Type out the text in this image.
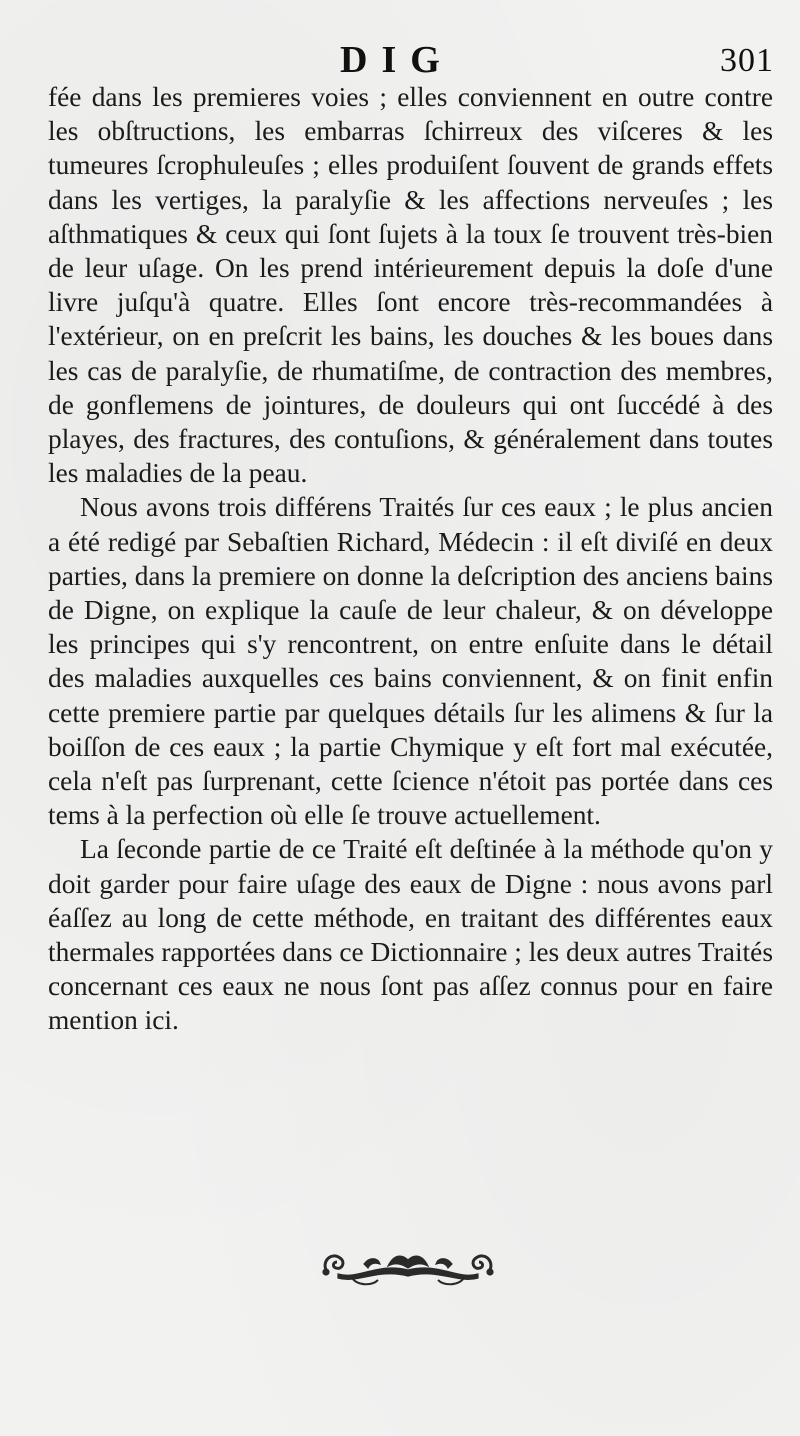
DIG	301

fée dans les premieres voies ; elles conviennent en outre contre les obſtructions, les embarras ſchirreux des viſceres & les tumeures ſcrophuleuſes ; elles produiſent ſouvent de grands effets dans les vertiges, la paralyſie & les affections nerveuſes ; les aſthmatiques & ceux qui ſont ſujets à la toux ſe trouvent très-bien de leur uſage. On les prend intérieurement depuis la doſe d'une livre juſqu'à quatre. Elles ſont encore très-recommandées à l'extérieur, on en preſcrit les bains, les douches & les boues dans les cas de paralyſie, de rhumatiſme, de contraction des membres, de gonflemens de jointures, de douleurs qui ont ſuccédé à des playes, des fractures, des contuſions, & généralement dans toutes les maladies de la peau.

Nous avons trois différens Traités ſur ces eaux ; le plus ancien a été redigé par Sebaſtien Richard, Médecin : il eſt diviſé en deux parties, dans la premiere on donne la deſcription des anciens bains de Digne, on explique la cauſe de leur chaleur, & on développe les principes qui s'y rencontrent, on entre enſuite dans le détail des maladies auxquelles ces bains conviennent, & on finit enfin cette premiere partie par quelques détails ſur les alimens & ſur la boiſſon de ces eaux ; la partie Chymique y eſt fort mal exécutée, cela n'eſt pas ſurprenant, cette ſcience n'étoit pas portée dans ces tems à la perfection où elle ſe trouve actuellement.

La ſeconde partie de ce Traité eſt deſtinée à la méthode qu'on y doit garder pour faire uſage des eaux de Digne : nous avons parl éaſſez au long de cette méthode, en traitant des différentes eaux thermales rapportées dans ce Dictionnaire ; les deux autres Traités concernant ces eaux ne nous ſont pas aſſez connus pour en faire mention ici.
